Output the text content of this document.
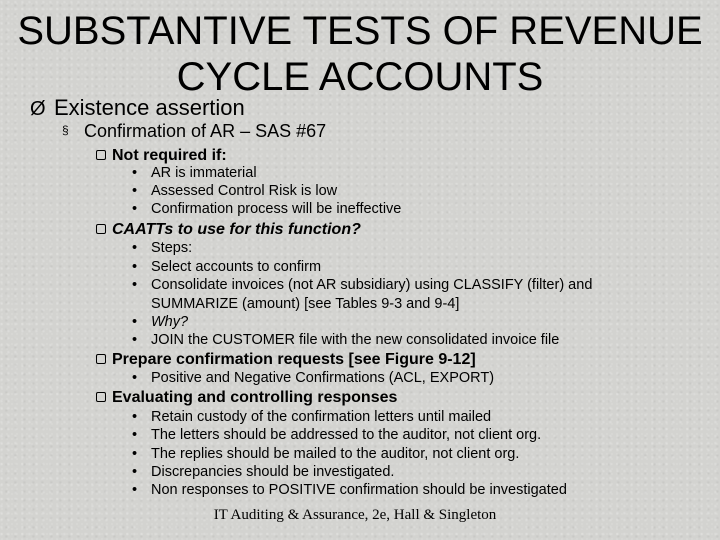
SUBSTANTIVE TESTS OF REVENUE
CYCLE ACCOUNTS
Ø Existence assertion
§ Confirmation of AR – SAS #67
Not required if:
• AR is immaterial
• Assessed Control Risk is low
• Confirmation process will be ineffective
CAATTs to use for this function?
• Steps:
• Select accounts to confirm
• Consolidate invoices (not AR subsidiary) using CLASSIFY (filter) and SUMMARIZE (amount) [see Tables 9-3 and 9-4]
• Why?
• JOIN the CUSTOMER file with the new consolidated invoice file
Prepare confirmation requests [see Figure 9-12]
• Positive and Negative Confirmations (ACL, EXPORT)
Evaluating and controlling responses
• Retain custody of the confirmation letters until mailed
• The letters should be addressed to the auditor, not client org.
• The replies should be mailed to the auditor, not client org.
• Discrepancies should be investigated.
• Non responses to POSITIVE confirmation should be investigated
IT Auditing & Assurance, 2e, Hall & Singleton
